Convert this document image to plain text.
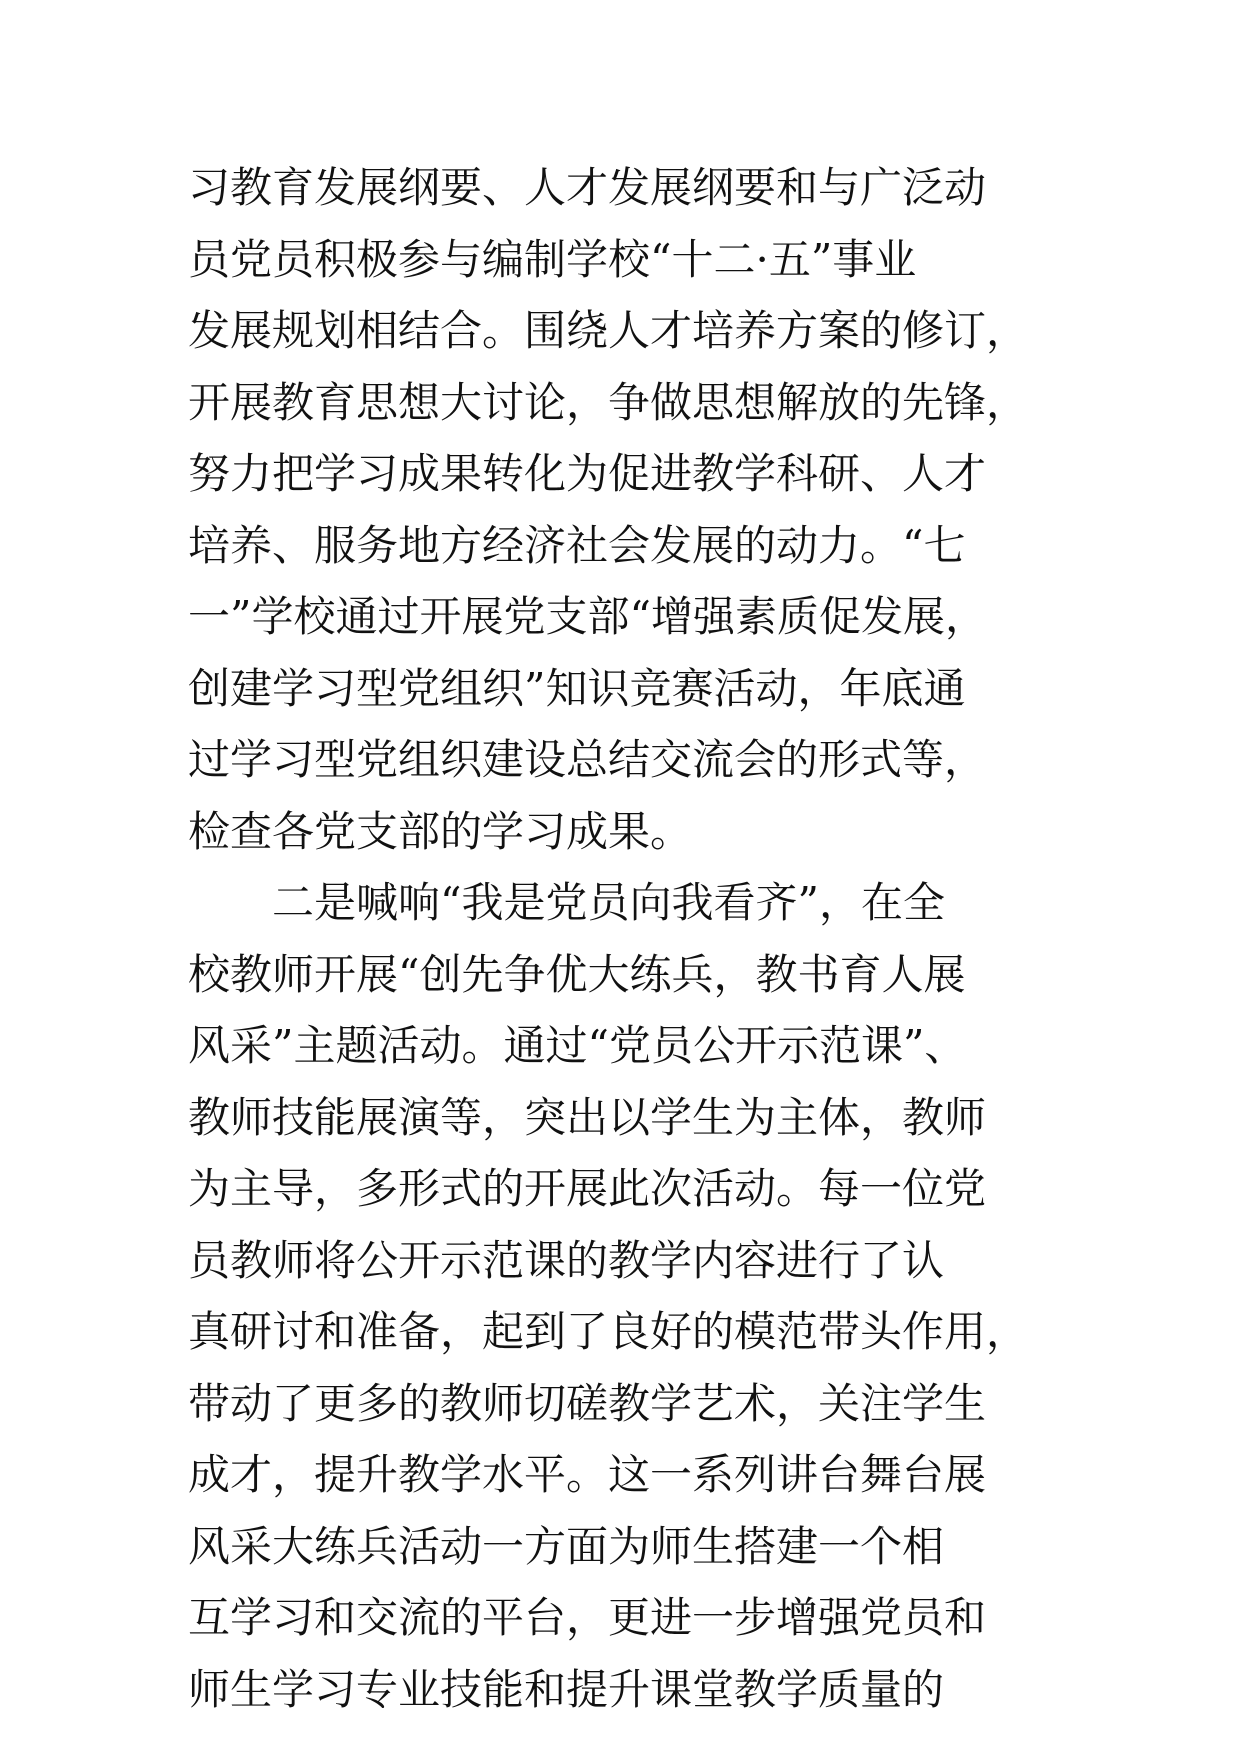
习教育发展纲要、人才发展纲要和与广泛动
员党员积极参与编制学校“十二·五”事业
发展规划相结合。围绕人才培养方案的修订，
开展教育思想大讨论，争做思想解放的先锋，
努力把学习成果转化为促进教学科研、人才
培养、服务地方经济社会发展的动力。“七
一”学校通过开展党支部“增强素质促发展，
创建学习型党组织”知识竞赛活动，年底通
过学习型党组织建设总结交流会的形式等，
检查各党支部的学习成果。
二是喊响“我是党员向我看齐”，在全
校教师开展“创先争优大练兵，教书育人展
风采”主题活动。通过“党员公开示范课”、
教师技能展演等，突出以学生为主体，教师
为主导，多形式的开展此次活动。每一位党
员教师将公开示范课的教学内容进行了认
真研讨和准备，起到了良好的模范带头作用，
带动了更多的教师切磋教学艺术，关注学生
成才，提升教学水平。这一系列讲台舞台展
风采大练兵活动一方面为师生搭建一个相
互学习和交流的平台，更进一步增强党员和
师生学习专业技能和提升课堂教学质量的
